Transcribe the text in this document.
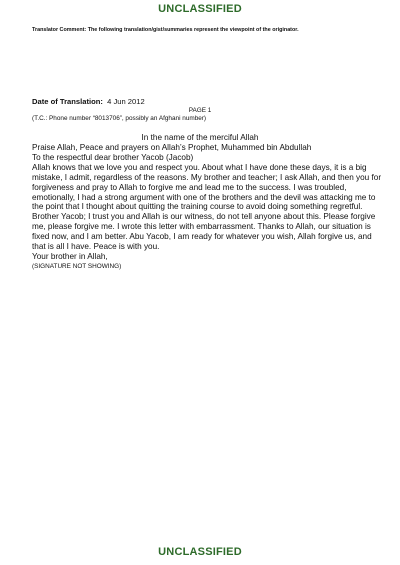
UNCLASSIFIED
Translator Comment: The following translation/gist/summaries represent the viewpoint of the originator.
Date of Translation: 4 Jun 2012
PAGE 1
(T.C.: Phone number “8013706”, possibly an Afghani number)
In the name of the merciful Allah

Praise Allah, Peace and prayers on Allah’s Prophet, Muhammed bin Abdullah

To the respectful dear brother Yacob (Jacob)

Allah knows that we love you and respect you. About what I have done these days, it is a big mistake, I admit, regardless of the reasons. My brother and teacher; I ask Allah, and then you for forgiveness and pray to Allah to forgive me and lead me to the success. I was troubled, emotionally, I had a strong argument with one of the brothers and the devil was attacking me to the point that I thought about quitting the training course to avoid doing something regretful. Brother Yacob; I trust you and Allah is our witness, do not tell anyone about this. Please forgive me, please forgive me. I wrote this letter with embarrassment. Thanks to Allah, our situation is fixed now, and I am better. Abu Yacob, I am ready for whatever you wish, Allah forgive us, and that is all I have. Peace is with you.

Your brother in Allah,

(SIGNATURE NOT SHOWING)

UNCLASSIFIED
